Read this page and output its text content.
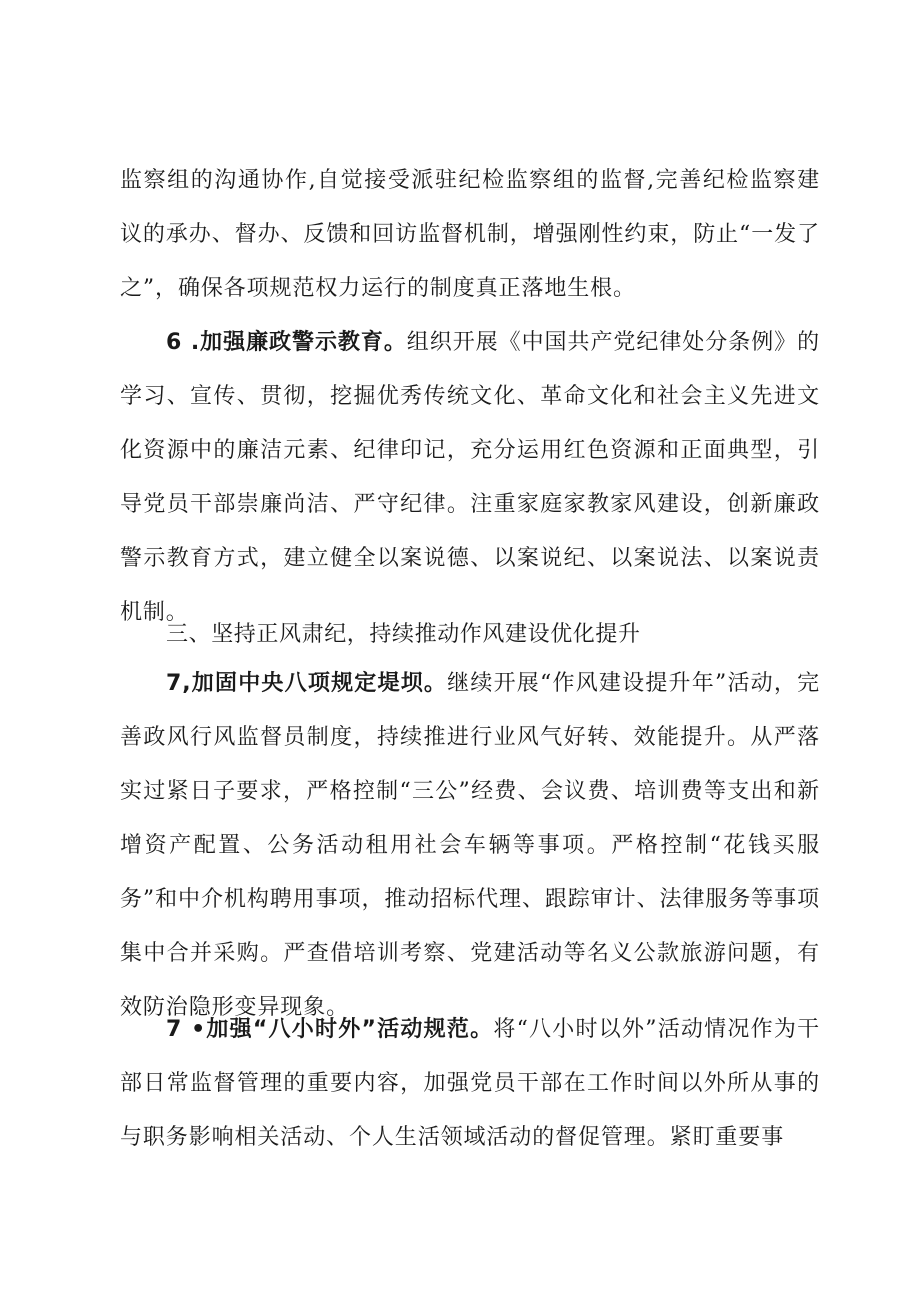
监察组的沟通协作,自觉接受派驻纪检监察组的监督,完善纪检监察建议的承办、督办、反馈和回访监督机制，增强刚性约束，防止“一发了之”，确保各项规范权力运行的制度真正落地生根。

6 .加强廉政警示教育。组织开展《中国共产党纪律处分条例》的学习、宣传、贯彻，挖掘优秀传统文化、革命文化和社会主义先进文化资源中的廉洁元素、纪律印记，充分运用红色资源和正面典型，引导党员干部崇廉尚洁、严守纪律。注重家庭家教家风建设，创新廉政警示教育方式，建立健全以案说德、以案说纪、以案说法、以案说责机制。

三、坚持正风肃纪，持续推动作风建设优化提升

7,加固中央八项规定堤坝。继续开展“作风建设提升年”活动，完善政风行风监督员制度，持续推进行业风气好转、效能提升。从严落实过紧日子要求，严格控制“三公”经费、会议费、培训费等支出和新增资产配置、公务活动租用社会车辆等事项。严格控制“花钱买服务”和中介机构聘用事项，推动招标代理、跟踪审计、法律服务等事项集中合并采购。严查借培训考察、党建活动等名义公款旅游问题，有效防治隐形变异现象。

7 •加强“八小时外”活动规范。将“八小时以外”活动情况作为干部日常监督管理的重要内容，加强党员干部在工作时间以外所从事的与职务影响相关活动、个人生活领域活动的督促管理。紧盯重要事
